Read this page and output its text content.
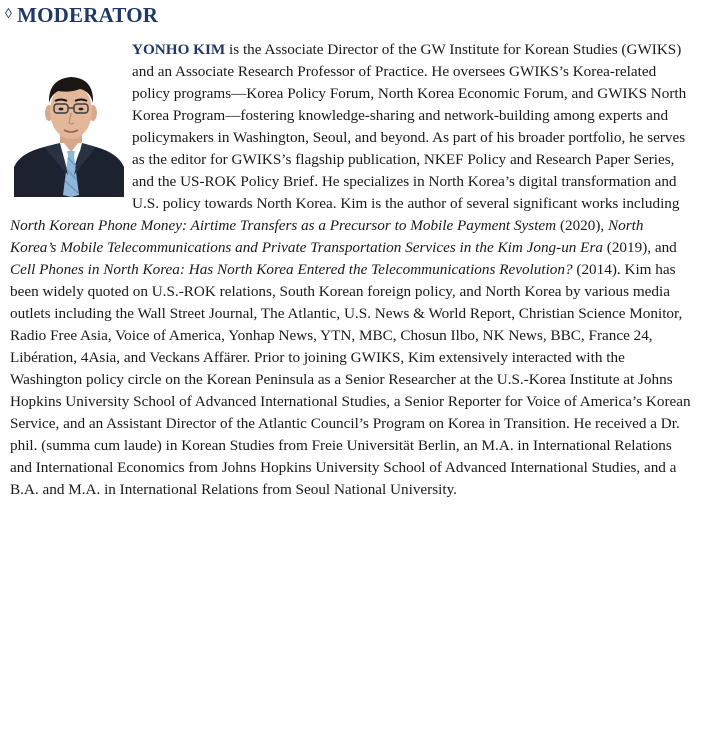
◊ MODERATOR

YONHO KIM is the Associate Director of the GW Institute for Korean Studies (GWIKS) and an Associate Research Professor of Practice. He oversees GWIKS’s Korea-related policy programs—Korea Policy Forum, North Korea Economic Forum, and GWIKS North Korea Program—fostering knowledge-sharing and network-building among experts and policymakers in Washington, Seoul, and beyond. As part of his broader portfolio, he serves as the editor for GWIKS’s flagship publication, NKEF Policy and Research Paper Series, and the US-ROK Policy Brief. He specializes in North Korea’s digital transformation and U.S. policy towards North Korea. Kim is the author of several significant works including North Korean Phone Money: Airtime Transfers as a Precursor to Mobile Payment System (2020), North Korea’s Mobile Telecommunications and Private Transportation Services in the Kim Jong-un Era (2019), and Cell Phones in North Korea: Has North Korea Entered the Telecommunications Revolution? (2014). Kim has been widely quoted on U.S.-ROK relations, South Korean foreign policy, and North Korea by various media outlets including the Wall Street Journal, The Atlantic, U.S. News & World Report, Christian Science Monitor, Radio Free Asia, Voice of America, Yonhap News, YTN, MBC, Chosun Ilbo, NK News, BBC, France 24, Libération, 4Asia, and Veckans Affärer. Prior to joining GWIKS, Kim extensively interacted with the Washington policy circle on the Korean Peninsula as a Senior Researcher at the U.S.-Korea Institute at Johns Hopkins University School of Advanced International Studies, a Senior Reporter for Voice of America’s Korean Service, and an Assistant Director of the Atlantic Council’s Program on Korea in Transition. He received a Dr. phil. (summa cum laude) in Korean Studies from Freie Universität Berlin, an M.A. in International Relations and International Economics from Johns Hopkins University School of Advanced International Studies, and a B.A. and M.A. in International Relations from Seoul National University.
